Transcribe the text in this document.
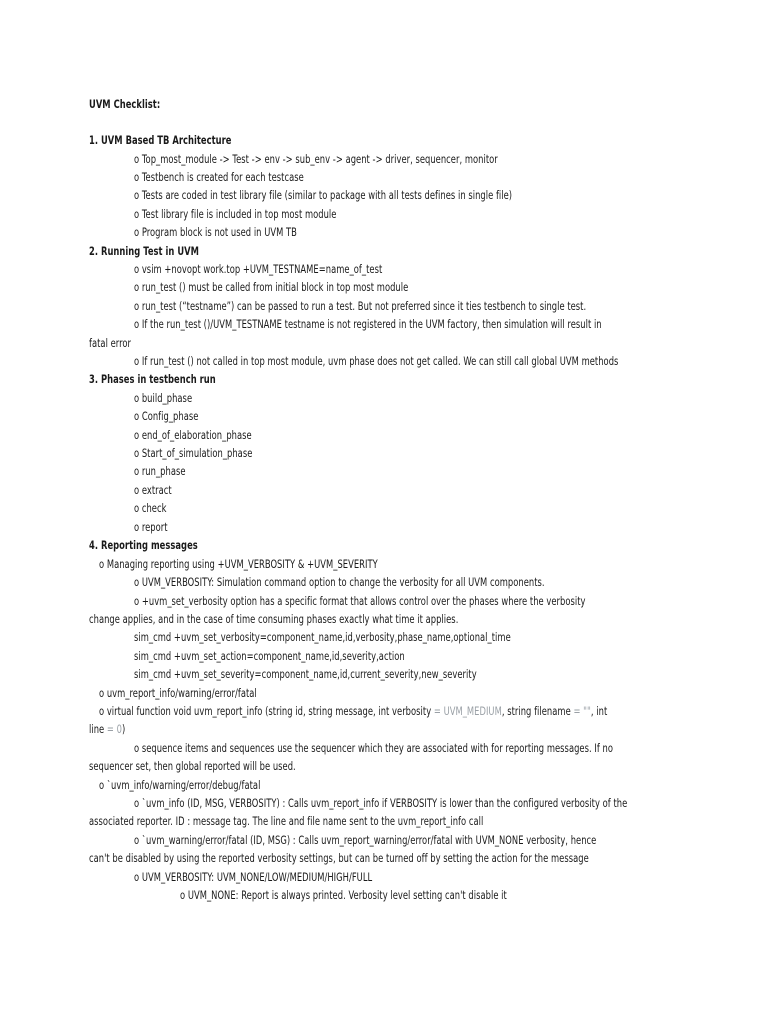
UVM Checklist:
1. UVM Based TB Architecture
o Top_most_module -> Test -> env -> sub_env -> agent -> driver, sequencer, monitor
o Testbench is created for each testcase
o Tests are coded in test library file (similar to package with all tests defines in single file)
o Test library file is included in top most module
o Program block is not used in UVM TB
2. Running Test in UVM
o vsim +novopt work.top +UVM_TESTNAME=name_of_test
o run_test () must be called from initial block in top most module
o run_test (“testname”) can be passed to run a test. But not preferred since it ties testbench to single test.
o If the run_test ()/UVM_TESTNAME testname is not registered in the UVM factory, then simulation will result in
fatal error
o If run_test () not called in top most module, uvm phase does not get called. We can still call global UVM methods
3. Phases in testbench run
o build_phase
o Config_phase
o end_of_elaboration_phase
o Start_of_simulation_phase
o run_phase
o extract
o check
o report
4. Reporting messages
o Managing reporting using +UVM_VERBOSITY & +UVM_SEVERITY
o UVM_VERBOSITY: Simulation command option to change the verbosity for all UVM components.
o +uvm_set_verbosity option has a specific format that allows control over the phases where the verbosity
change applies, and in the case of time consuming phases exactly what time it applies.
sim_cmd +uvm_set_verbosity=component_name,id,verbosity,phase_name,optional_time
sim_cmd +uvm_set_action=component_name,id,severity,action
sim_cmd +uvm_set_severity=component_name,id,current_severity,new_severity
o uvm_report_info/warning/error/fatal
o virtual function void uvm_report_info (string id, string message, int verbosity = UVM_MEDIUM, string filename = "", int
line = 0)
o sequence items and sequences use the sequencer which they are associated with for reporting messages. If no
sequencer set, then global reported will be used.
o `uvm_info/warning/error/debug/fatal
o `uvm_info (ID, MSG, VERBOSITY) : Calls uvm_report_info if VERBOSITY is lower than the configured verbosity of the
associated reporter. ID : message tag. The line and file name sent to the uvm_report_info call
o `uvm_warning/error/fatal (ID, MSG) : Calls uvm_report_warning/error/fatal with UVM_NONE verbosity, hence
can't be disabled by using the reported verbosity settings, but can be turned off by setting the action for the message
o UVM_VERBOSITY: UVM_NONE/LOW/MEDIUM/HIGH/FULL
o UVM_NONE: Report is always printed. Verbosity level setting can't disable it
